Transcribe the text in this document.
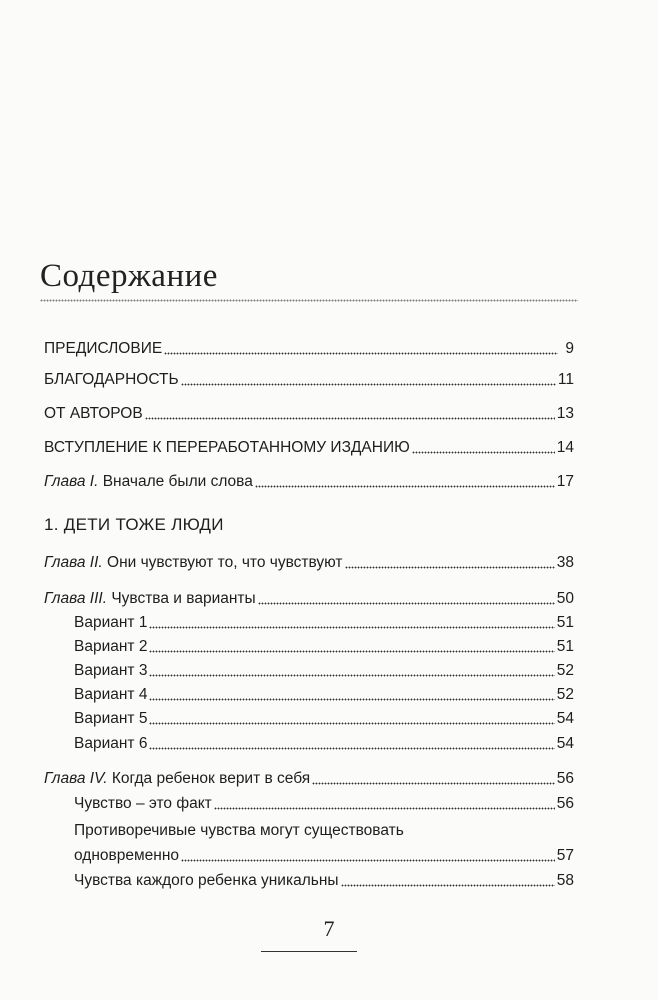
Содержание
ПРЕДИСЛОВИЕ	9
БЛАГОДАРНОСТЬ	11
ОТ АВТОРОВ	13
ВСТУПЛЕНИЕ К ПЕРЕРАБОТАННОМУ ИЗДАНИЮ	14
Глава I. Вначале были слова	17
1. ДЕТИ ТОЖЕ ЛЮДИ
Глава II. Они чувствуют то, что чувствуют	38
Глава III. Чувства и варианты	50
Вариант 1	51
Вариант 2	51
Вариант 3	52
Вариант 4	52
Вариант 5	54
Вариант 6	54
Глава IV. Когда ребенок верит в себя	56
Чувство – это факт	56
Противоречивые чувства могут существовать
одновременно	57
Чувства каждого ребенка уникальны	58
7
